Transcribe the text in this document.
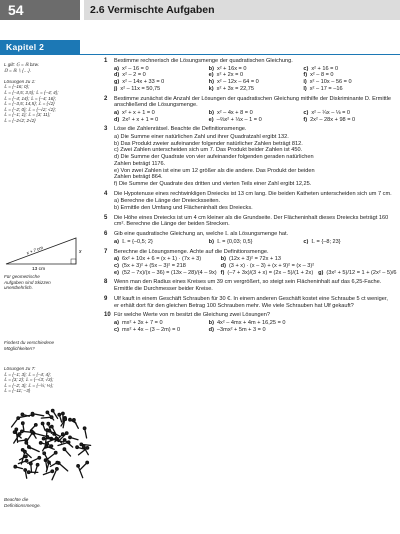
54	2.6 Vermischte Aufgaben
Kapitel 2
L gilt: 𝔾 = ℝ bzw.
𝔻 = ℝ ∖ {…}.

Lösungen zu 1:
𝕃 = {–16; 0};
𝕃 = {–4,5; 3,5}; 𝕃 = {–4; 4};
𝕃 = {–4; 14}; 𝕃 = {–4; 16};
𝕃 = {–3,5; 14,5}; 𝕃 = {√2}
𝕃 = {–2; 0}; 𝕃 = {–√2; √2};
𝕃 = {–1; 1}; 𝕃 = {3; 11};
𝕃 = {–2√2; 2√2}
x + 7 cm	x
13 cm
Für geometrische
Aufgaben sind Skizzen
unentbehrlich.
Findest du verschiedene
Möglichkeiten?
Lösungen zu 7:
𝕃 = {–1; 3}; 𝕃 = {–4; 4};
𝕃 = {3; 2}; 𝕃 = {–√3; √3};
𝕃 = {–2; 3}; 𝕃 = {–½; ⅓};
𝕃 = {–11; –3}
Beachte die
Definitionsmenge.
1 Bestimme rechnerisch die Lösungsmenge der quadratischen Gleichung.
a) x² – 16 = 0	b) x² + 16x = 0	c) x² + 16 = 0
d) x² – 2 = 0	e) x² + 2x = 0	f) x² – 8 = 0
g) x² – 14x + 33 = 0	h) x² – 12x – 64 = 0	i) x² – 10x – 56 = 0
j) x² – 11x = 50,75	k) x² + 3x = 22,75	l) x² – 17 = –16
2 Bestimme zunächst die Anzahl der Lösungen der quadratischen Gleichung mithilfe der Diskriminante D. Ermittle anschließend die Lösungsmenge.
a) x² + x + 1 = 0	b) x² – 4x + 8 = 0	c) x² – ¼x – ⅛ = 0
d) 2x² + x + 1 = 0	e) –⅔x² + ⅓x – 1 = 0	f) 2x² – 28x + 98 = 0
3 Löse die Zahlenrätsel. Beachte die Definitionsmenge.
a) Die Summe einer natürlichen Zahl und ihrer Quadratzahl ergibt 132.
b) Das Produkt zweier aufeinander folgender natürlicher Zahlen beträgt 812.
c) Zwei Zahlen unterscheiden sich um 7. Das Produkt beider Zahlen ist 450.
d) Die Summe der Quadrate von vier aufeinander folgenden geraden natürlichen
Zahlen beträgt 1176.
e) Von zwei Zahlen ist eine um 12 größer als die andere. Das Produkt der beiden
Zahlen beträgt 864.
f) Die Summe der Quadrate des dritten und vierten Teils einer Zahl ergibt 12,25.
4 Die Hypotenuse eines rechtwinkligen Dreiecks ist 13 cm lang. Die beiden Katheten unterscheiden sich um 7 cm.
a) Berechne die Länge der Dreiecksseiten.
b) Ermittle den Umfang und Flächeninhalt des Dreiecks.
5 Die Höhe eines Dreiecks ist um 4 cm kleiner als die Grundseite. Der Flächeninhalt dieses Dreiecks beträgt 160 cm². Berechne die Länge der beiden Strecken.
6 Gib eine quadratische Gleichung an, welche 𝕃 als Lösungsmenge hat.
a) 𝕃 = {–0,5; 2}	b) 𝕃 = {0,03; 0,5}	c) 𝕃 = {–8; 23}
7 Berechne die Lösungsmenge. Achte auf die Definitionsmenge.
a) 6x² + 10x + 6 = (x + 1) · (7x + 3)	b) (12x + 3)² = 72x + 13
c) (5x + 3)² + (5x – 3)² = 218	d) (3 + x) · (x – 3) + (x + 9)² = (x – 3)²
e) (52 – 7x)/(x – 36) = (13x – 28)/(4 – 9x) f) (–7 + 3x)/(3 + x) = (2x – 5)/(1 + 2x) g) (3x² + 5)/12 = 1 + (2x² – 5)/6
8 Wenn man den Radius eines Kreises um 39 cm vergrößert, so steigt sein Flächeninhalt auf das 6,25-Fache. Ermittle die Durchmesser beider Kreise.
9 Ulf kauft in einem Geschäft Schrauben für 30 €. In einem anderen Geschäft kostet eine Schraube 5 ct weniger, er erhält dort für den gleichen Betrag 100 Schrauben mehr. Wie viele Schrauben hat Ulf gekauft?
10 Für welche Werte von m besitzt die Gleichung zwei Lösungen?
a) mx² + 3x + 7 = 0	b) 4x² – 4mx + 4m + 16,25 = 0
c) mx² + 4x – (3 – 2m) = 0	d) –3mx² + 5m + 3 = 0
